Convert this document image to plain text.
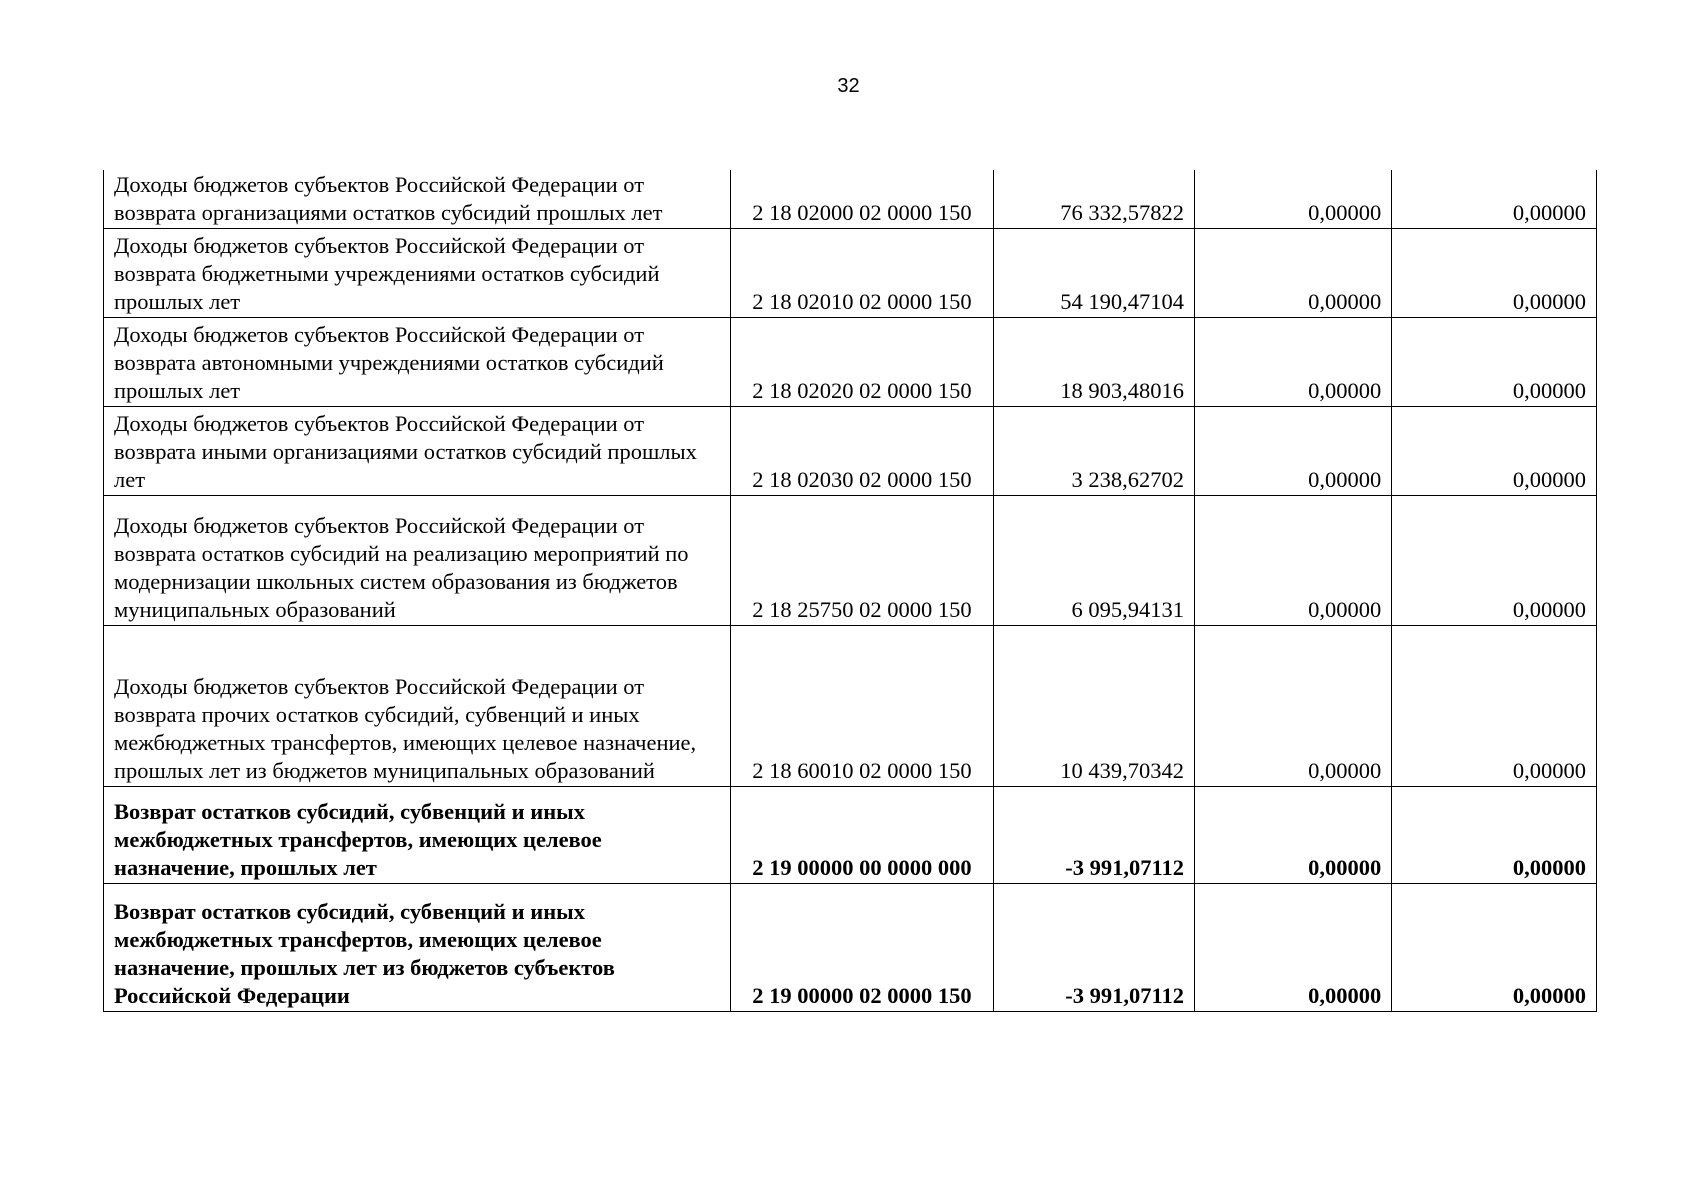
32
Доходы бюджетов субъектов Российской Федерации от возврата организациями остатков субсидий прошлых лет	2 18 02000 02 0000 150	76 332,57822	0,00000	0,00000
Доходы бюджетов субъектов Российской Федерации от возврата бюджетными учреждениями остатков субсидий прошлых лет	2 18 02010 02 0000 150	54 190,47104	0,00000	0,00000
Доходы бюджетов субъектов Российской Федерации от возврата автономными учреждениями остатков субсидий прошлых лет	2 18 02020 02 0000 150	18 903,48016	0,00000	0,00000
Доходы бюджетов субъектов Российской Федерации от возврата иными организациями остатков субсидий прошлых лет	2 18 02030 02 0000 150	3 238,62702	0,00000	0,00000
Доходы бюджетов субъектов Российской Федерации от возврата остатков субсидий на реализацию мероприятий по модернизации школьных систем образования из бюджетов муниципальных образований	2 18 25750 02 0000 150	6 095,94131	0,00000	0,00000
Доходы бюджетов субъектов Российской Федерации от возврата прочих остатков субсидий, субвенций и иных межбюджетных трансфертов, имеющих целевое назначение, прошлых лет из бюджетов муниципальных образований	2 18 60010 02 0000 150	10 439,70342	0,00000	0,00000
Возврат остатков субсидий, субвенций и иных межбюджетных трансфертов, имеющих целевое назначение, прошлых лет	2 19 00000 00 0000 000	-3 991,07112	0,00000	0,00000
Возврат остатков субсидий, субвенций и иных межбюджетных трансфертов, имеющих целевое назначение, прошлых лет из бюджетов субъектов Российской Федерации	2 19 00000 02 0000 150	-3 991,07112	0,00000	0,00000
